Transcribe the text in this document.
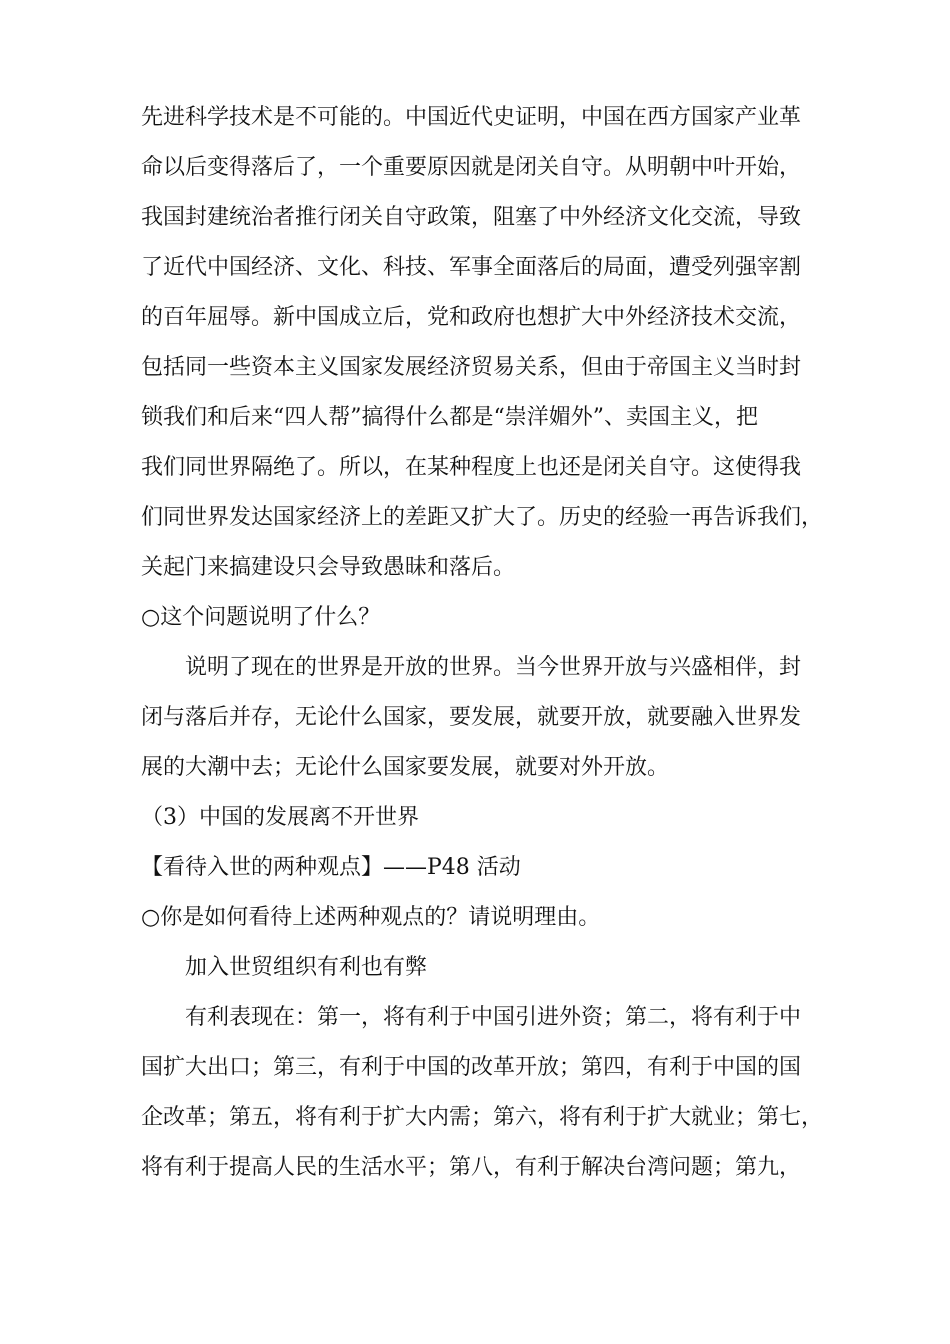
先进科学技术是不可能的。中国近代史证明，中国在西方国家产业革
命以后变得落后了，一个重要原因就是闭关自守。从明朝中叶开始，
我国封建统治者推行闭关自守政策，阻塞了中外经济文化交流，导致
了近代中国经济、文化、科技、军事全面落后的局面，遭受列强宰割
的百年屈辱。新中国成立后，党和政府也想扩大中外经济技术交流，
包括同一些资本主义国家发展经济贸易关系，但由于帝国主义当时封
锁我们和后来“四人帮”搞得什么都是“崇洋媚外”、卖国主义，把
我们同世界隔绝了。所以，在某种程度上也还是闭关自守。这使得我
们同世界发达国家经济上的差距又扩大了。历史的经验一再告诉我们，
关起门来搞建设只会导致愚昧和落后。
○这个问题说明了什么？
说明了现在的世界是开放的世界。当今世界开放与兴盛相伴，封
闭与落后并存，无论什么国家，要发展，就要开放，就要融入世界发
展的大潮中去；无论什么国家要发展，就要对外开放。
（3）中国的发展离不开世界
【看待入世的两种观点】——P48 活动
○你是如何看待上述两种观点的？请说明理由。
加入世贸组织有利也有弊
有利表现在：第一，将有利于中国引进外资；第二，将有利于中
国扩大出口；第三，有利于中国的改革开放；第四，有利于中国的国
企改革；第五，将有利于扩大内需；第六，将有利于扩大就业；第七，
将有利于提高人民的生活水平；第八，有利于解决台湾问题；第九，
